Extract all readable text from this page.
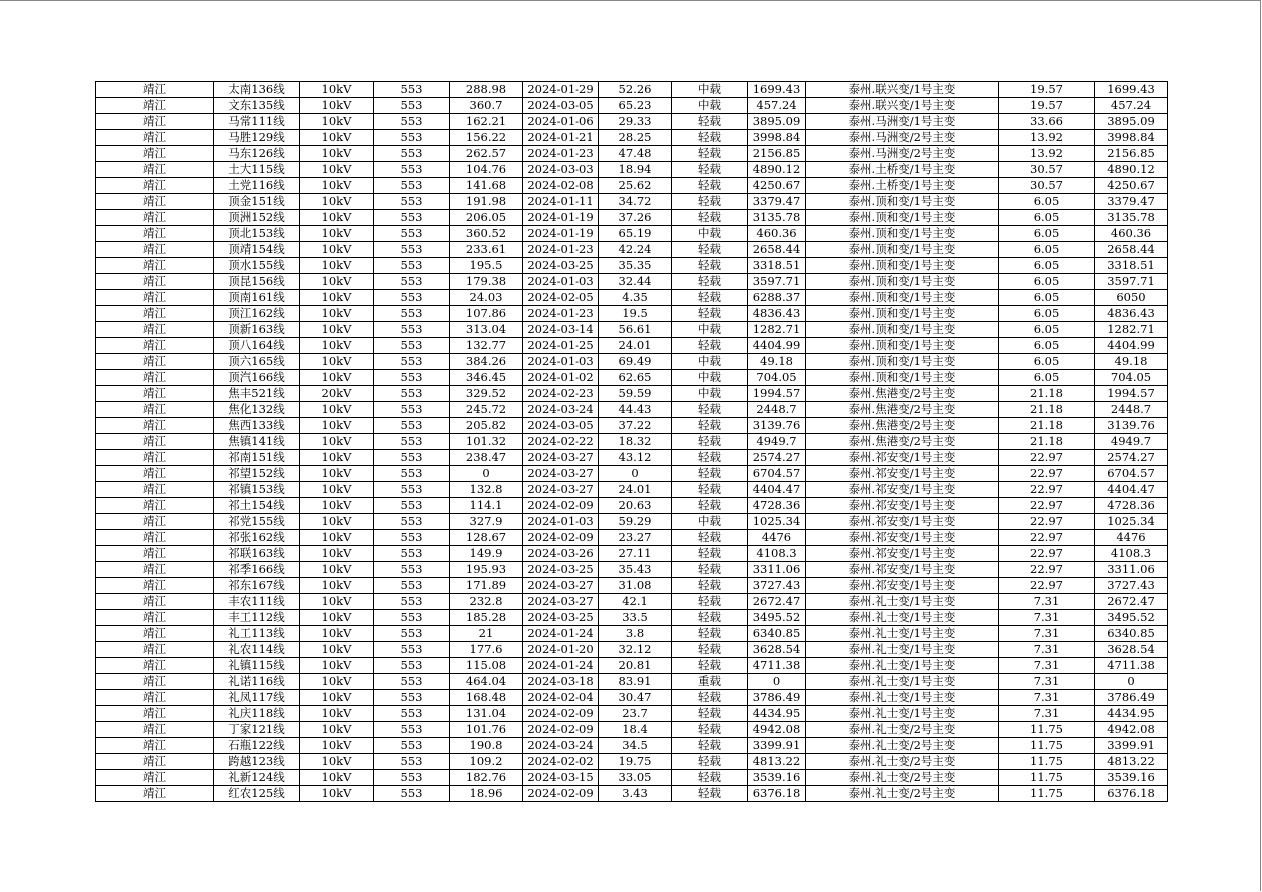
靖江	太南136线	10kV	553	288.98	2024-01-29	52.26	中载	1699.43	泰州.联兴变/1号主变	19.57	1699.43
靖江	文东135线	10kV	553	360.7	2024-03-05	65.23	中载	457.24	泰州.联兴变/1号主变	19.57	457.24
靖江	马常111线	10kV	553	162.21	2024-01-06	29.33	轻载	3895.09	泰州.马洲变/1号主变	33.66	3895.09
靖江	马胜129线	10kV	553	156.22	2024-01-21	28.25	轻载	3998.84	泰州.马洲变/2号主变	13.92	3998.84
靖江	马东126线	10kV	553	262.57	2024-01-23	47.48	轻载	2156.85	泰州.马洲变/2号主变	13.92	2156.85
靖江	土大115线	10kV	553	104.76	2024-03-03	18.94	轻载	4890.12	泰州.土桥变/1号主变	30.57	4890.12
靖江	土党116线	10kV	553	141.68	2024-02-08	25.62	轻载	4250.67	泰州.土桥变/1号主变	30.57	4250.67
靖江	顶金151线	10kV	553	191.98	2024-01-11	34.72	轻载	3379.47	泰州.顶和变/1号主变	6.05	3379.47
靖江	顶洲152线	10kV	553	206.05	2024-01-19	37.26	轻载	3135.78	泰州.顶和变/1号主变	6.05	3135.78
靖江	顶北153线	10kV	553	360.52	2024-01-19	65.19	中载	460.36	泰州.顶和变/1号主变	6.05	460.36
靖江	顶靖154线	10kV	553	233.61	2024-01-23	42.24	轻载	2658.44	泰州.顶和变/1号主变	6.05	2658.44
靖江	顶水155线	10kV	553	195.5	2024-03-25	35.35	轻载	3318.51	泰州.顶和变/1号主变	6.05	3318.51
靖江	顶昆156线	10kV	553	179.38	2024-01-03	32.44	轻载	3597.71	泰州.顶和变/1号主变	6.05	3597.71
靖江	顶南161线	10kV	553	24.03	2024-02-05	4.35	轻载	6288.37	泰州.顶和变/1号主变	6.05	6050
靖江	顶江162线	10kV	553	107.86	2024-01-23	19.5	轻载	4836.43	泰州.顶和变/1号主变	6.05	4836.43
靖江	顶新163线	10kV	553	313.04	2024-03-14	56.61	中载	1282.71	泰州.顶和变/1号主变	6.05	1282.71
靖江	顶八164线	10kV	553	132.77	2024-01-25	24.01	轻载	4404.99	泰州.顶和变/1号主变	6.05	4404.99
靖江	顶六165线	10kV	553	384.26	2024-01-03	69.49	中载	49.18	泰州.顶和变/1号主变	6.05	49.18
靖江	顶汽166线	10kV	553	346.45	2024-01-02	62.65	中载	704.05	泰州.顶和变/1号主变	6.05	704.05
靖江	焦丰521线	20kV	553	329.52	2024-02-23	59.59	中载	1994.57	泰州.焦港变/2号主变	21.18	1994.57
靖江	焦化132线	10kV	553	245.72	2024-03-24	44.43	轻载	2448.7	泰州.焦港变/2号主变	21.18	2448.7
靖江	焦西133线	10kV	553	205.82	2024-03-05	37.22	轻载	3139.76	泰州.焦港变/2号主变	21.18	3139.76
靖江	焦镇141线	10kV	553	101.32	2024-02-22	18.32	轻载	4949.7	泰州.焦港变/2号主变	21.18	4949.7
靖江	祁南151线	10kV	553	238.47	2024-03-27	43.12	轻载	2574.27	泰州.祁安变/1号主变	22.97	2574.27
靖江	祁望152线	10kV	553	0	2024-03-27	0	轻载	6704.57	泰州.祁安变/1号主变	22.97	6704.57
靖江	祁镇153线	10kV	553	132.8	2024-03-27	24.01	轻载	4404.47	泰州.祁安变/1号主变	22.97	4404.47
靖江	祁土154线	10kV	553	114.1	2024-02-09	20.63	轻载	4728.36	泰州.祁安变/1号主变	22.97	4728.36
靖江	祁党155线	10kV	553	327.9	2024-01-03	59.29	中载	1025.34	泰州.祁安变/1号主变	22.97	1025.34
靖江	祁张162线	10kV	553	128.67	2024-02-09	23.27	轻载	4476	泰州.祁安变/1号主变	22.97	4476
靖江	祁联163线	10kV	553	149.9	2024-03-26	27.11	轻载	4108.3	泰州.祁安变/1号主变	22.97	4108.3
靖江	祁季166线	10kV	553	195.93	2024-03-25	35.43	轻载	3311.06	泰州.祁安变/1号主变	22.97	3311.06
靖江	祁东167线	10kV	553	171.89	2024-03-27	31.08	轻载	3727.43	泰州.祁安变/1号主变	22.97	3727.43
靖江	丰农111线	10kV	553	232.8	2024-03-27	42.1	轻载	2672.47	泰州.礼士变/1号主变	7.31	2672.47
靖江	丰工112线	10kV	553	185.28	2024-03-25	33.5	轻载	3495.52	泰州.礼士变/1号主变	7.31	3495.52
靖江	礼工113线	10kV	553	21	2024-01-24	3.8	轻载	6340.85	泰州.礼士变/1号主变	7.31	6340.85
靖江	礼农114线	10kV	553	177.6	2024-01-20	32.12	轻载	3628.54	泰州.礼士变/1号主变	7.31	3628.54
靖江	礼镇115线	10kV	553	115.08	2024-01-24	20.81	轻载	4711.38	泰州.礼士变/1号主变	7.31	4711.38
靖江	礼诺116线	10kV	553	464.04	2024-03-18	83.91	重载	0	泰州.礼士变/1号主变	7.31	0
靖江	礼凤117线	10kV	553	168.48	2024-02-04	30.47	轻载	3786.49	泰州.礼士变/1号主变	7.31	3786.49
靖江	礼庆118线	10kV	553	131.04	2024-02-09	23.7	轻载	4434.95	泰州.礼士变/1号主变	7.31	4434.95
靖江	丁家121线	10kV	553	101.76	2024-02-09	18.4	轻载	4942.08	泰州.礼士变/2号主变	11.75	4942.08
靖江	石瓶122线	10kV	553	190.8	2024-03-24	34.5	轻载	3399.91	泰州.礼士变/2号主变	11.75	3399.91
靖江	跨越123线	10kV	553	109.2	2024-02-02	19.75	轻载	4813.22	泰州.礼士变/2号主变	11.75	4813.22
靖江	礼新124线	10kV	553	182.76	2024-03-15	33.05	轻载	3539.16	泰州.礼士变/2号主变	11.75	3539.16
靖江	红农125线	10kV	553	18.96	2024-02-09	3.43	轻载	6376.18	泰州.礼士变/2号主变	11.75	6376.18
